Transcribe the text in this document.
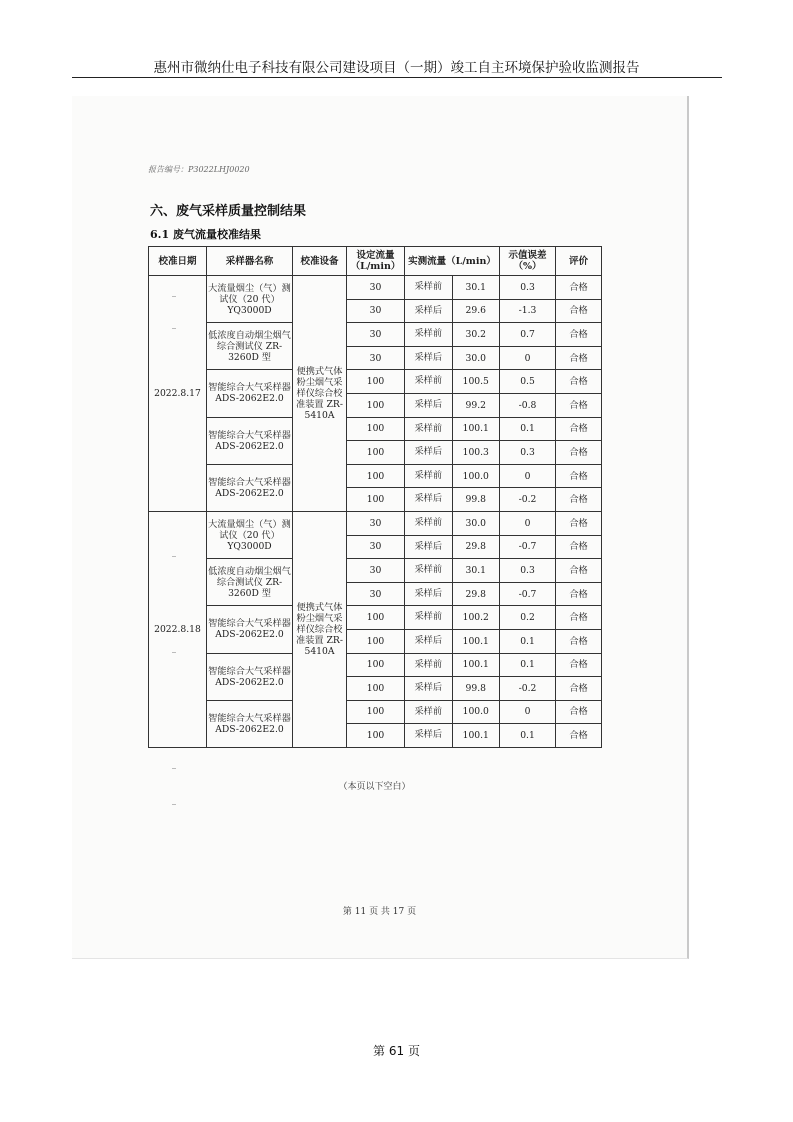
惠州市微纳仕电子科技有限公司建设项目（一期）竣工自主环境保护验收监测报告
报告编号：P3022LHJ0020
六、废气采样质量控制结果
6.1 废气流量校准结果
校准日期	采样器名称	校准设备	设定流量（L/min）	实测流量（L/min）	示值误差（%）	评价
2022.8.17	大流量烟尘（气）测试仪（20 代）YQ3000D	便携式气体粉尘烟气采样仪综合校准装置 ZR-5410A	30	采样前 30.1	0.3	合格
			30	采样后 29.6	-1.3	合格
	低浓度自动烟尘烟气综合测试仪 ZR-3260D 型		30	采样前 30.2	0.7	合格
			30	采样后 30.0	0	合格
	智能综合大气采样器 ADS-2062E2.0		100	采样前 100.5	0.5	合格
			100	采样后 99.2	-0.8	合格
	智能综合大气采样器 ADS-2062E2.0		100	采样前 100.1	0.1	合格
			100	采样后 100.3	0.3	合格
	智能综合大气采样器 ADS-2062E2.0		100	采样前 100.0	0	合格
			100	采样后 99.8	-0.2	合格
2022.8.18	大流量烟尘（气）测试仪（20 代）YQ3000D	便携式气体粉尘烟气采样仪综合校准装置 ZR-5410A	30	采样前 30.0	0	合格
			30	采样后 29.8	-0.7	合格
	低浓度自动烟尘烟气综合测试仪 ZR-3260D 型		30	采样前 30.1	0.3	合格
			30	采样后 29.8	-0.7	合格
	智能综合大气采样器 ADS-2062E2.0		100	采样前 100.2	0.2	合格
			100	采样后 100.1	0.1	合格
	智能综合大气采样器 ADS-2062E2.0		100	采样前 100.1	0.1	合格
			100	采样后 99.8	-0.2	合格
	智能综合大气采样器 ADS-2062E2.0		100	采样前 100.0	0	合格
			100	采样后 100.1	0.1	合格
（本页以下空白）
第 11 页 共 17 页
第 61 页
